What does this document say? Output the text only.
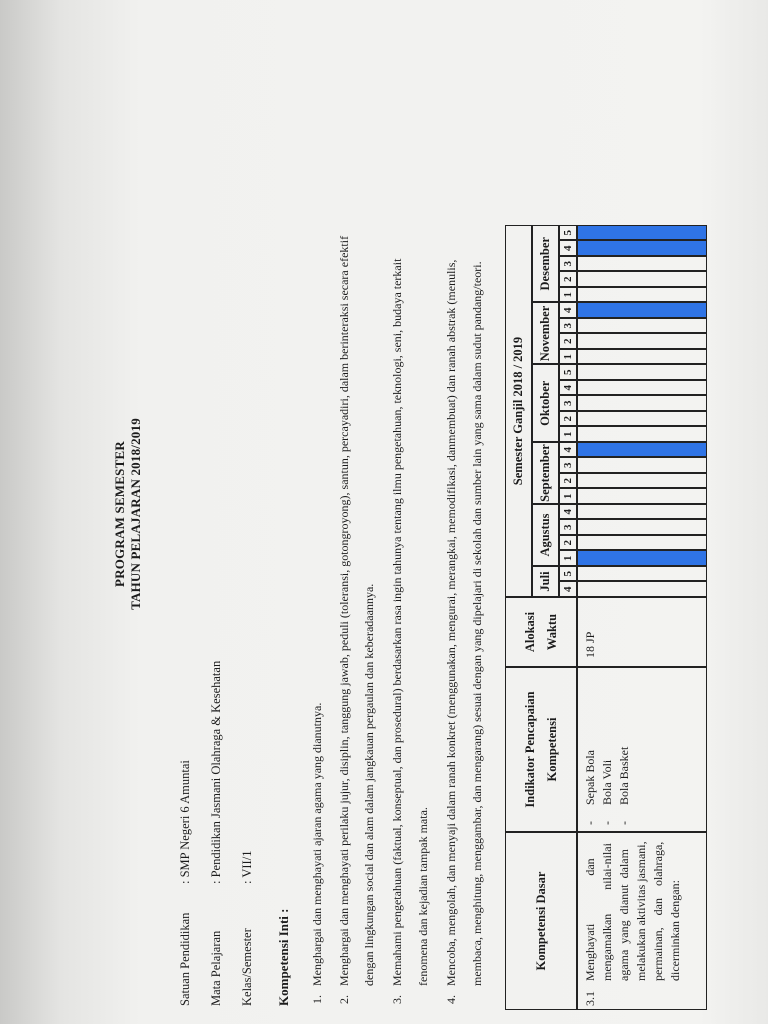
PROGRAM SEMESTER TAHUN PELAJARAN 2018/2019
Satuan Pendidikan
: SMP Negeri 6 Amuntai
Mata Pelajaran
: Pendidikan Jasmani Olahraga & Kesehatan
Kelas/Semester
: VII/1
Kompetensi Inti : 1.
Menghargai dan menghayati ajaran agama yang dianutnya.
2.
Menghargai dan menghayati perilaku jujur, disiplin, tanggung jawab, peduli (toleransi, gotongroyong), santun, percayadiri, dalam berinteraksi secara efektif dengan lingkungan social dan alam dalam jangkauan pergaulan dan keberadaannya.
3.
Memahami pengetahuan (faktual, konseptual, dan prosedural) berdasarkan rasa ingin tahunya tentang ilmu pengetahuan, teknologi, seni, budaya terkait fenomena dan kejadian tampak mata.
4.
Mencoba, mengolah, dan menyaji dalam ranah konkret (menggunakan, mengurai, merangkai, memodifikasi, danmembuat) dan ranah abstrak (menulis, membaca, menghitung, menggambar, dan mengarang) sesuai dengan yang dipelajari di sekolah dan sumber lain yang sama dalam sudut pandang/teori.	Kompetensi Dasar
Indikator Pencapaian Kompetensi
Alokasi Waktu
Semester Ganjil 2018 / 2019
Juli 4
5
Agustus
1
2
3
4
September 1
2
3
4
Oktober
1
2
3
4
5
November 1
2
3
4
Desember
1
2
3
4
5
3.1
Menghayati                dan mengamalkan        nilai-nilai agama  yang  dianut  dalam melakukan aktivitas jasmani, permainan,    dan    olahraga, dicerminkan dengan:
-Sepak Bola
-Bola Voli
-Bola Basket
18 JP
